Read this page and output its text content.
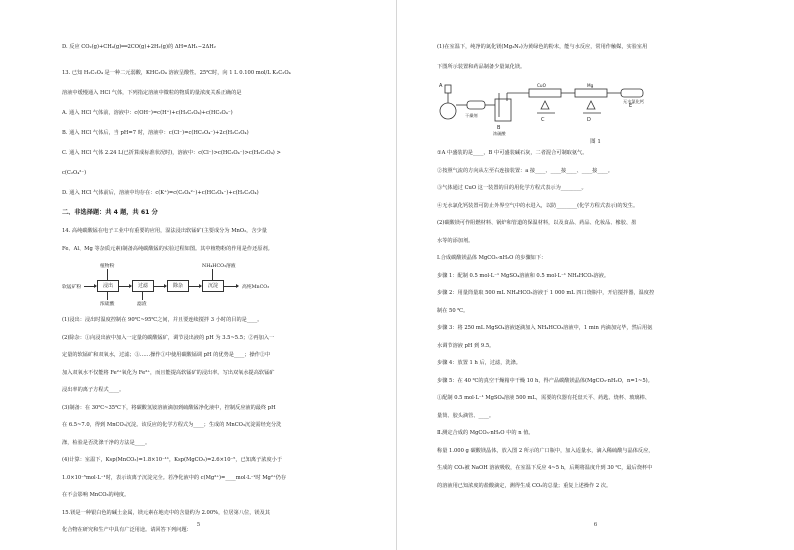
D. 反应 CO₂(g)+CH₄(g)══2CO(g)+2H₂(g)的 ΔH=ΔH₁−2ΔH₂
13. 已知 H₂C₂O₄ 是一种二元弱酸，KHC₂O₄ 溶液呈酸性。25℃时，向 1 L 0.100 mol/L K₂C₂O₄
溶液中缓慢通入 HCl 气体，下列指定溶液中微粒的物质的量浓度关系正确的是
A. 通入 HCl 气体前，溶液中：c(OH⁻)=c(H⁺)+c(H₂C₂O₄)+c(HC₂O₄⁻)
B. 通入 HCl 气体后，当 pH=7 时，溶液中：c(Cl⁻)=c(HC₂O₄⁻)+2c(H₂C₂O₄)
C. 通入 HCl 气体 2.24 L(已折算成标准状况时)，溶液中：c(Cl⁻)>c(HC₂O₄⁻)>c(H₂C₂O₄) >
c(C₂O₄²⁻)
D. 通入 HCl 气体前后，溶液中均存在：c(K⁺)=c(C₂O₄²⁻)+c(HC₂O₄⁻)+c(H₂C₂O₄)
二、非选择题：共 4 题，共 61 分
14. 高纯碳酸锰在电子工业中有重要的应用，湿法浸出软锰矿(主要成分为 MnO₂，含少量
Fe、Al、Mg 等杂质元素)制备高纯碳酸锰的实验过程如图。其中植物粉的作用是作还原剂。
软锰矿粉
植物粉
浸出
浓硫酸
过滤
滤渣
除杂
NH₄HCO₃溶液
沉淀	高纯MnCO₃
(1)浸出：浸出时温度控制在 90℃~95℃之间，并且要连续搅拌 3 小时的目的是____。
(2)除杂：①向浸出液中加入一定量的碳酸锰矿，调节浸出液的 pH 为 3.5~5.5；②再加入一
定量的软锰矿和双氧水，过滤；③……操作①中使用碳酸锰调 pH 的优势是____；操作②中
加入双氧水不仅能将 Fe²⁺氧化为 Fe³⁺，而且能提高软锰矿的浸出率。写出双氧水提高软锰矿
浸出率的离子方程式____。
(3)制备：在 30℃~35℃下，将碳酸氢铵溶液滴加到硫酸锰净化液中，控制反应液的最终 pH
在 6.5~7.0，得到 MnCO₃沉淀。该反应的化学方程式为____；生成的 MnCO₃沉淀需经充分洗
涤，检验是否洗涤干净的方法是____。
(4)计算：室温下，Ksp(MnCO₃)=1.8×10⁻¹¹，Ksp(MgCO₃)=2.6×10⁻⁵，已知离子浓度小于
1.0×10⁻⁵mol·L⁻¹时，表示该离子沉淀完全。若净化液中的 c(Mg²⁺)=____mol·L⁻¹时 Mg²⁺仍存
在不会影响 MnCO₃的纯度。
15.镁是一种银白色的碱土金属，镁元素在地壳中的含量约为 2.00%，位居第八位，镁及其
化合物在研究和生产中具有广泛用途。请回答下列问题：
5
(1)在室温下，纯净的氮化镁(Mg₃N₂)为黄绿色的粉末，能与水反应，常用作触媒，实验室用
下图所示装置和药品制备少量氮化镁。
A
B
C	D
E
浓硫酸
干燥剂
CuO	Mg
无水氯化钙
图 1
①A 中盛装的是____，B 中可盛装碱石灰，二者混合可制取氨气。
②按照气流的方向从左至右连接装置：a 接____、____接____、____接____。
③气体通过 CuO 这一装置的目的用化学方程式表示为________。
④无水氯化钙装置可防止外界空气中的水进入，以防________(化学方程式表示)的发生。
(2)碳酸镁可作阻燃材料、锅炉和管道的保温材料，以及食品、药品、化妆品、橡胶、墨
水等的添加剂。
Ⅰ.合成碳酸镁晶体 MgCO₃·nH₂O 的步骤如下：
步骤 1：配制 0.5 mol·L⁻¹ MgSO₄溶液和 0.5 mol·L⁻¹ NH₄HCO₃溶液。
步骤 2：用量筒量取 500 mL NH₄HCO₃溶液于 1 000 mL 四口烧瓶中，开启搅拌器，温度控
制在 50 ℃。
步骤 3：将 250 mL MgSO₄溶液逐滴加入 NH₄HCO₃溶液中，1 min 内滴加完毕，然后用氨
水调节溶液 pH 到 9.5。
步骤 4：放置 1 h 后，过滤，洗涤。
步骤 5：在 40 ℃的真空干燥箱中干燥 10 h，得产品碳酸镁晶体(MgCO₃·nH₂O，n=1~5)。
①配制 0.5 mol·L⁻¹ MgSO₄溶液 500 mL，需要的仪器有托盘天平、药匙、烧杯、玻璃棒、
量筒、胶头滴管、____。
Ⅱ.测定合成的 MgCO₃·nH₂O 中的 n 值。
称量 1.000 g 碳酸镁晶体，放入图 2 所示的广口瓶中，加入适量水，滴入稀硫酸与晶体反应，
生成的 CO₂被 NaOH 溶液吸收，在室温下反应 4~5 h，后期将温度升到 30 ℃，最后烧杯中
的溶液用已知浓度的盐酸滴定，测得生成 CO₂的总量；重复上述操作 2 次。
6
